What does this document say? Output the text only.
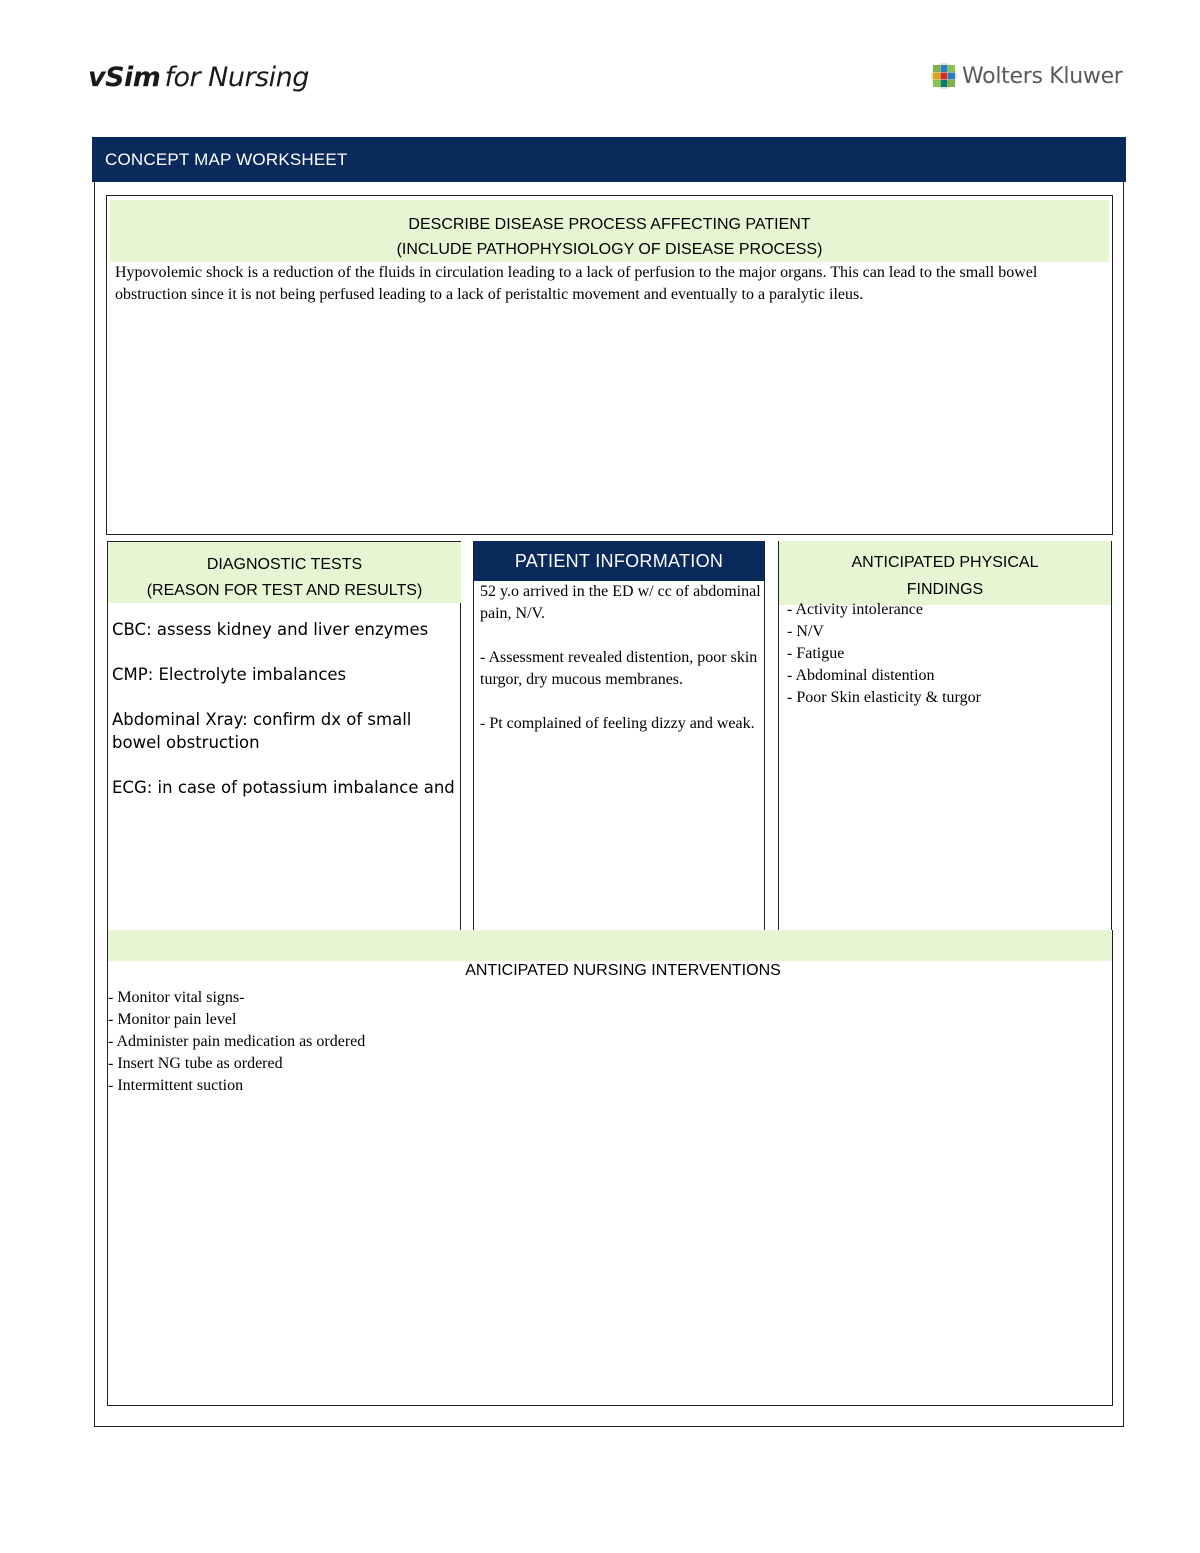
vSim for Nursing	Wolters Kluwer
CONCEPT MAP WORKSHEET
DESCRIBE DISEASE PROCESS AFFECTING PATIENT
(INCLUDE PATHOPHYSIOLOGY OF DISEASE PROCESS)
Hypovolemic shock is a reduction of the fluids in circulation leading to a lack of perfusion to the major organs. This can lead to the small bowel obstruction since it is not being perfused leading to a lack of peristaltic movement and eventually to a paralytic ileus.
DIAGNOSTIC TESTS
(REASON FOR TEST AND RESULTS)

CBC: assess kidney and liver enzymes

CMP: Electrolyte imbalances

Abdominal Xray: confirm dx of small bowel obstruction

ECG: in case of potassium imbalance and

PATIENT INFORMATION

52 y.o arrived in the ED w/ cc of abdominal pain, N/V.

- Assessment revealed distention, poor skin turgor, dry mucous membranes.

- Pt complained of feeling dizzy and weak.

ANTICIPATED PHYSICAL
FINDINGS
- Activity intolerance
- N/V
- Fatigue
- Abdominal distention
- Poor Skin elasticity & turgor
ANTICIPATED NURSING INTERVENTIONS
- Monitor vital signs-
- Monitor pain level
- Administer pain medication as ordered
- Insert NG tube as ordered
- Intermittent suction
